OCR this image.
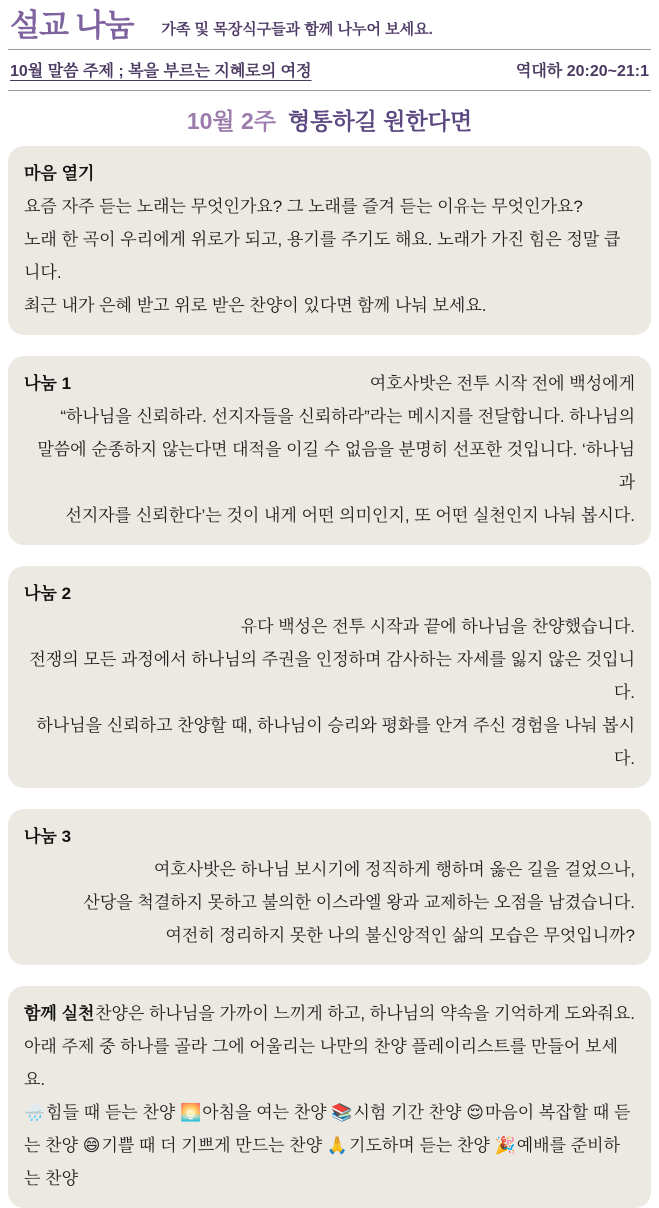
설교 나눔 가족 및 목장식구들과 함께 나누어 보세요.
10월 말씀 주제 ; 복을 부르는 지혜로의 여정	역대하 20:20~21:1
10월 2주 형통하길 원한다면

마음 열기

요즘 자주 듣는 노래는 무엇인가요? 그 노래를 즐겨 듣는 이유는 무엇인가요?

노래 한 곡이 우리에게 위로가 되고, 용기를 주기도 해요. 노래가 가진 힘은 정말 큽니다.

최근 내가 은혜 받고 위로 받은 찬양이 있다면 함께 나눠 보세요.

나눔 1	여호사밧은 전투 시작 전에 백성에게

“하나님을 신뢰하라. 선지자들을 신뢰하라”라는 메시지를 전달합니다. 하나님의

말씀에 순종하지 않는다면 대적을 이길 수 없음을 분명히 선포한 것입니다. ‘하나님과

선지자를 신뢰한다’는 것이 내게 어떤 의미인지, 또 어떤 실천인지 나눠 봅시다.

나눔 2

유다 백성은 전투 시작과 끝에 하나님을 찬양했습니다.

전쟁의 모든 과정에서 하나님의 주권을 인정하며 감사하는 자세를 잃지 않은 것입니다.

하나님을 신뢰하고 찬양할 때, 하나님이 승리와 평화를 안겨 주신 경험을 나눠 봅시다.

나눔 3

여호사밧은 하나님 보시기에 정직하게 행하며 옳은 길을 걸었으나,

산당을 척결하지 못하고 불의한 이스라엘 왕과 교제하는 오점을 남겼습니다.

여전히 정리하지 못한 나의 불신앙적인 삶의 모습은 무엇입니까?

함께 실천 찬양은 하나님을 가까이 느끼게 하고, 하나님의 약속을 기억하게 도와줘요.

아래 주제 중 하나를 골라 그에 어울리는 나만의 찬양 플레이리스트를 만들어 보세요.

🌧️힘들 때 듣는 찬양 🌅아침을 여는 찬양 📚시험 기간 찬양 😌마음이 복잡할 때 듣는 찬양 😄기쁠 때 더 기쁘게 만드는 찬양 🙏기도하며 듣는 찬양 🎉예배를 준비하는 찬양
